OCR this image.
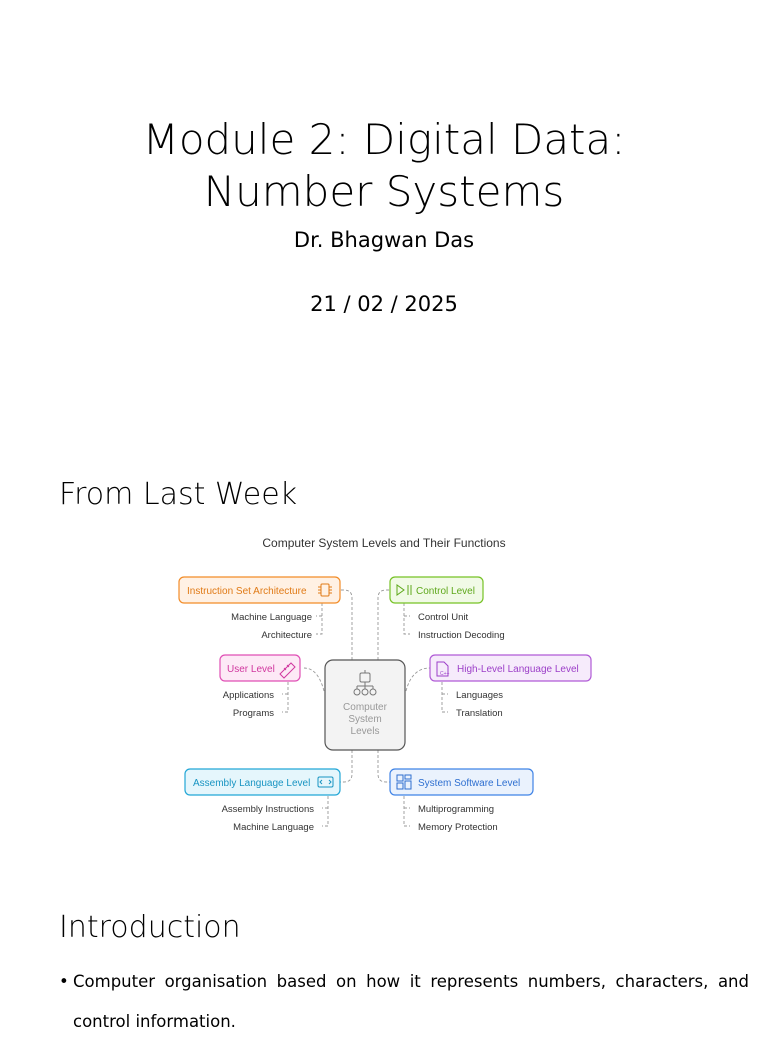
Module 2: Digital Data:
Number Systems
Dr. Bhagwan Das
21 / 02 / 2025
From Last Week
Computer System Levels and Their Functions
Computer
System
Levels
Instruction Set Architecture
Machine Language
Architecture
Control Level
Control Unit
Instruction Decoding
User Level
Applications
Programs
C++ High-Level Language Level
Languages
Translation
Assembly Language Level
Assembly Instructions
Machine Language
System Software Level
Multiprogramming
Memory Protection
Introduction
• Computer organisation based on how it represents numbers, characters, and control information.
